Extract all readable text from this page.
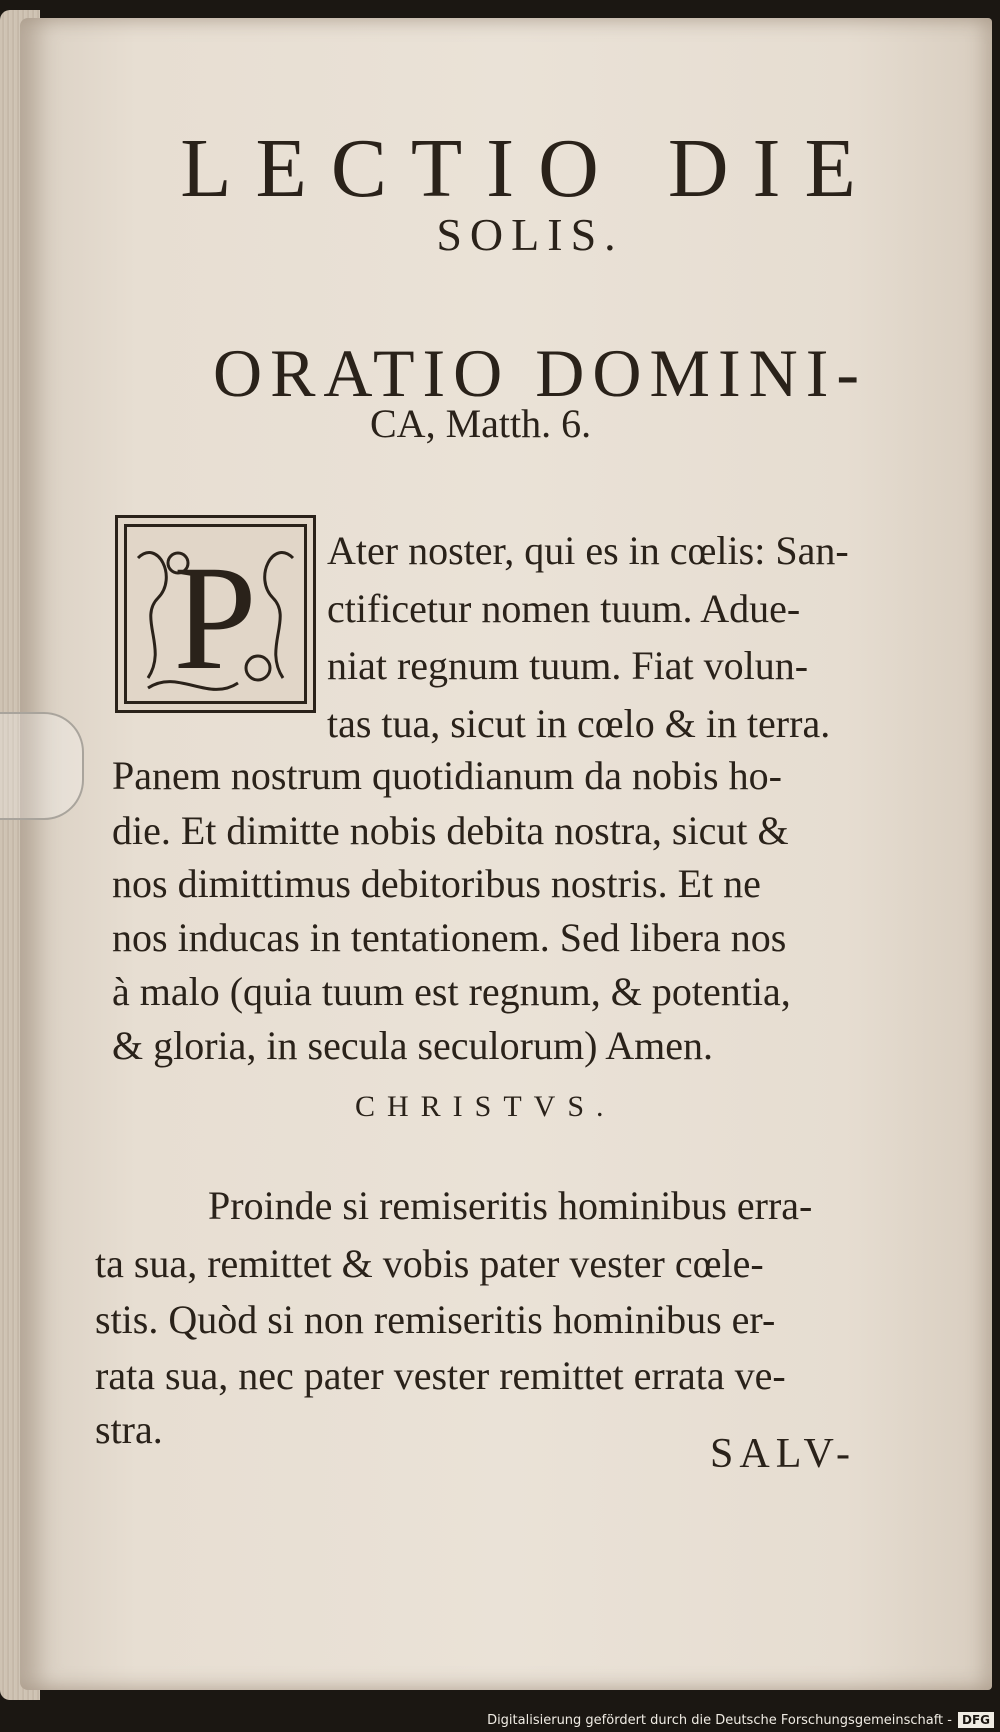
LECTIO DIE
SOLIS.
ORATIO DOMINI-
CA, Matth. 6.
P Ater noster, qui es in cœlis: San-
ctificetur nomen tuum. Adue-
niat regnum tuum. Fiat volun-
tas tua, sicut in cœlo & in terra.
Panem nostrum quotidianum da nobis ho-
die. Et dimitte nobis debita nostra, sicut &
nos dimittimus debitoribus nostris. Et ne
nos inducas in tentationem. Sed libera nos
à malo (quia tuum est regnum, & potentia,
& gloria, in secula seculorum) Amen.
CHRISTVS.
Proinde si remiseritis hominibus erra-
ta sua, remittet & vobis pater vester cœle-
stis. Quòd si non remiseritis hominibus er-
rata sua, nec pater vester remittet errata ve-
stra.
SALV-
Digitalisierung gefördert durch die Deutsche Forschungsgemeinschaft - DFG
